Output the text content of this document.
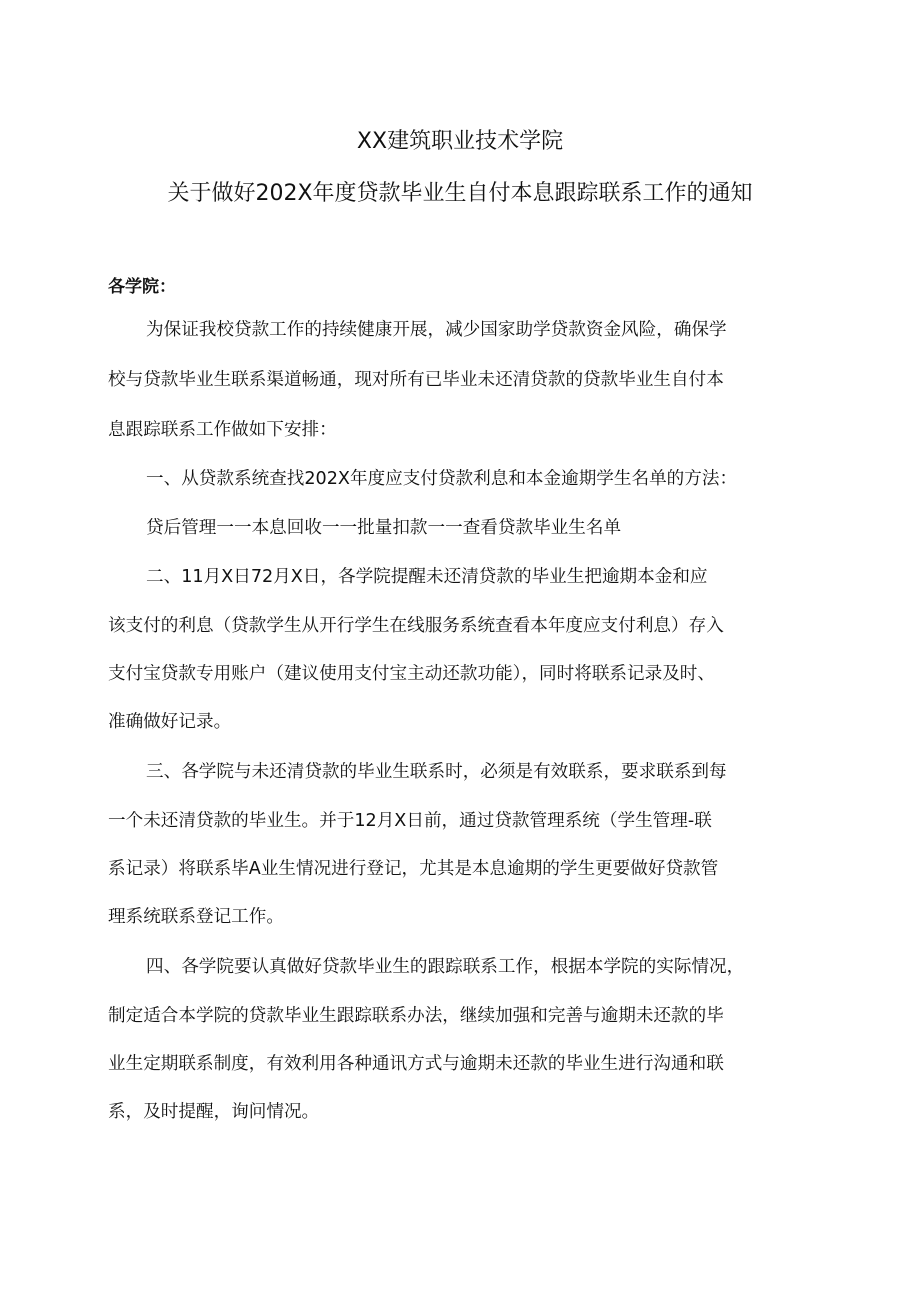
XX建筑职业技术学院
关于做好202X年度贷款毕业生自付本息跟踪联系工作的通知
各学院：
为保证我校贷款工作的持续健康开展，减少国家助学贷款资金风险，确保学
校与贷款毕业生联系渠道畅通，现对所有已毕业未还清贷款的贷款毕业生自付本
息跟踪联系工作做如下安排：
一、从贷款系统查找202X年度应支付贷款利息和本金逾期学生名单的方法：
贷后管理一一本息回收一一批量扣款一一查看贷款毕业生名单
二、11月X日72月X日，各学院提醒未还清贷款的毕业生把逾期本金和应
该支付的利息（贷款学生从开行学生在线服务系统查看本年度应支付利息）存入
支付宝贷款专用账户（建议使用支付宝主动还款功能），同时将联系记录及时、
准确做好记录。
三、各学院与未还清贷款的毕业生联系时，必须是有效联系，要求联系到每
一个未还清贷款的毕业生。并于12月X日前，通过贷款管理系统（学生管理-联
系记录）将联系毕A业生情况进行登记，尤其是本息逾期的学生更要做好贷款管
理系统联系登记工作。
四、各学院要认真做好贷款毕业生的跟踪联系工作，根据本学院的实际情况，
制定适合本学院的贷款毕业生跟踪联系办法，继续加强和完善与逾期未还款的毕
业生定期联系制度，有效利用各种通讯方式与逾期未还款的毕业生进行沟通和联
系，及时提醒，询问情况。
